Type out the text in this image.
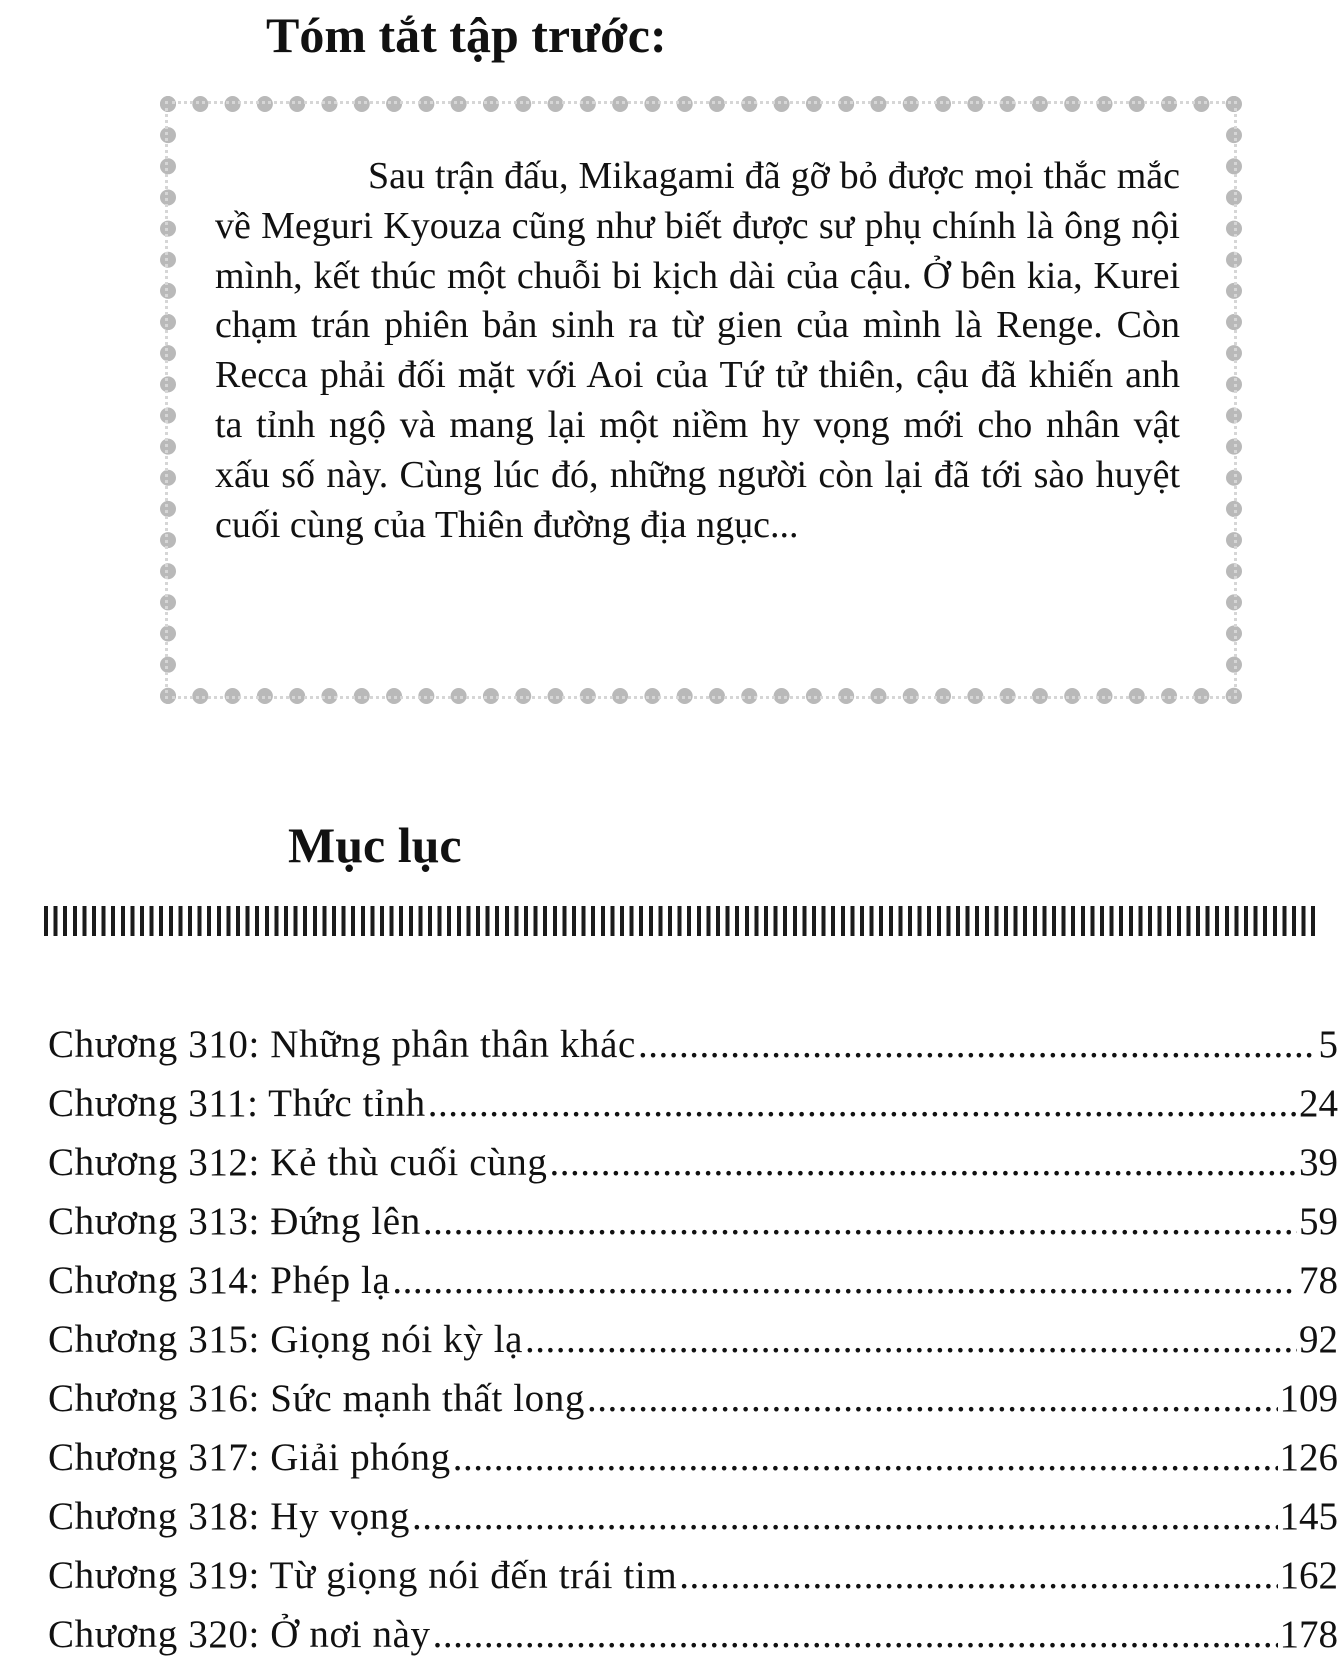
Tóm tắt tập trước:

Sau trận đấu, Mikagami đã gỡ bỏ được mọi thắc mắc về Meguri Kyouza cũng như biết được sư phụ chính là ông nội mình, kết thúc một chuỗi bi kịch dài của cậu. Ở bên kia, Kurei chạm trán phiên bản sinh ra từ gien của mình là Renge. Còn Recca phải đối mặt với Aoi của Tứ tử thiên, cậu đã khiến anh ta tỉnh ngộ và mang lại một niềm hy vọng mới cho nhân vật xấu số này. Cùng lúc đó, những người còn lại đã tới sào huyệt cuối cùng của Thiên đường địa ngục...

Mục lục
Chương 310: Những phân thân khác .....	5
Chương 311: Thức tỉnh .....	24
Chương 312: Kẻ thù cuối cùng .....	39
Chương 313: Đứng lên .....	59
Chương 314: Phép lạ .....	78
Chương 315: Giọng nói kỳ lạ .....	92
Chương 316: Sức mạnh thất long .....	109
Chương 317: Giải phóng .....	126
Chương 318: Hy vọng .....	145
Chương 319: Từ giọng nói đến trái tim .....	162
Chương 320: Ở nơi này .....	178
